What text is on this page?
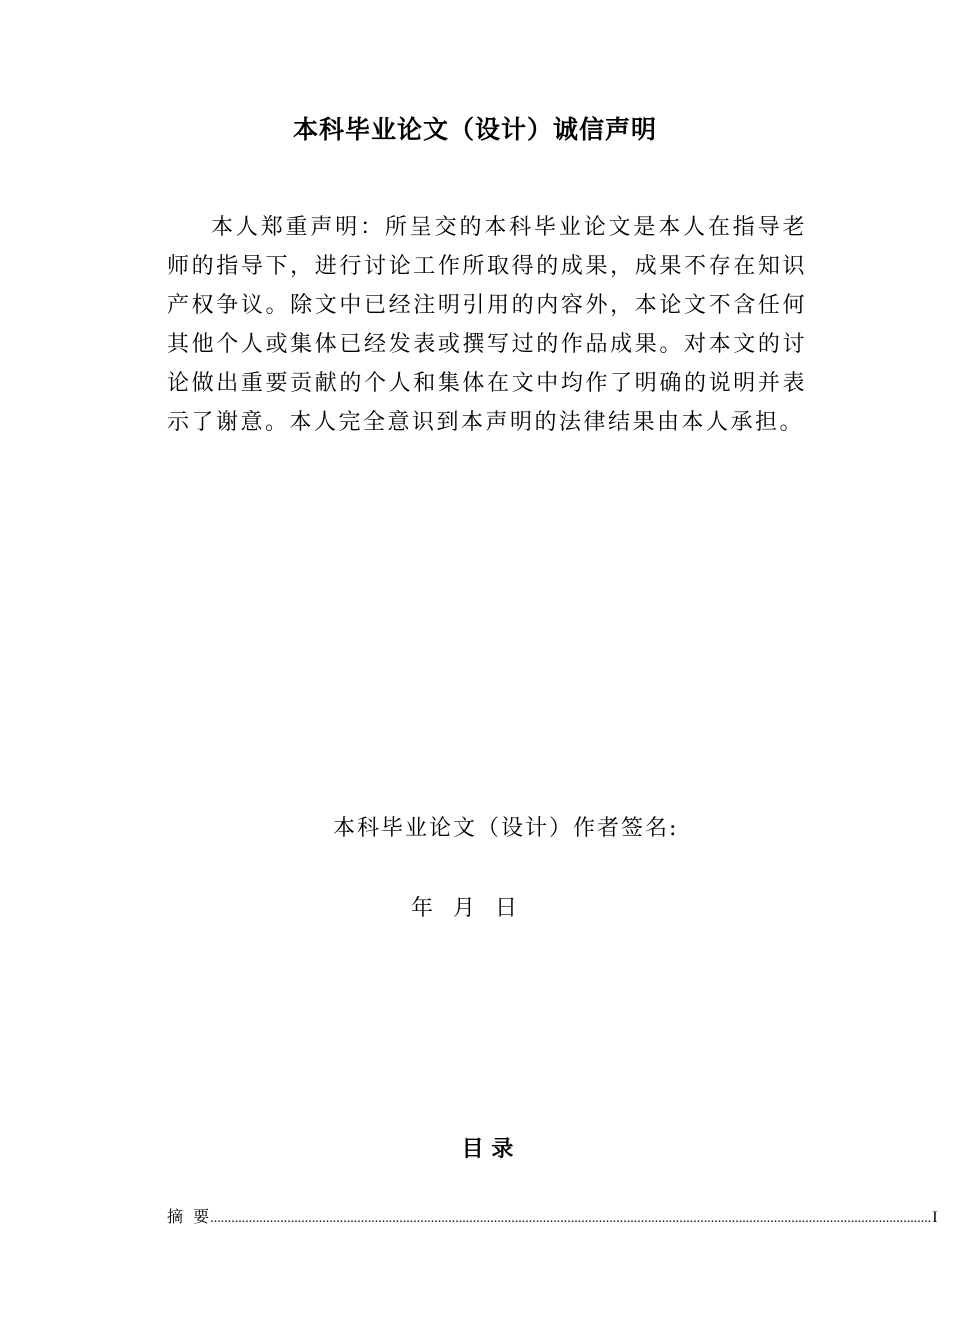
本科毕业论文（设计）诚信声明

本人郑重声明：所呈交的本科毕业论文是本人在指导老师的指导下，进行讨论工作所取得的成果，成果不存在知识产权争议。除文中已经注明引用的内容外，本论文不含任何其他个人或集体已经发表或撰写过的作品成果。对本文的讨论做出重要贡献的个人和集体在文中均作了明确的说明并表示了谢意。本人完全意识到本声明的法律结果由本人承担。

本科毕业论文（设计）作者签名:
年  月  日
目 录
摘  要 .............................................................................................................................................................................................................. I
